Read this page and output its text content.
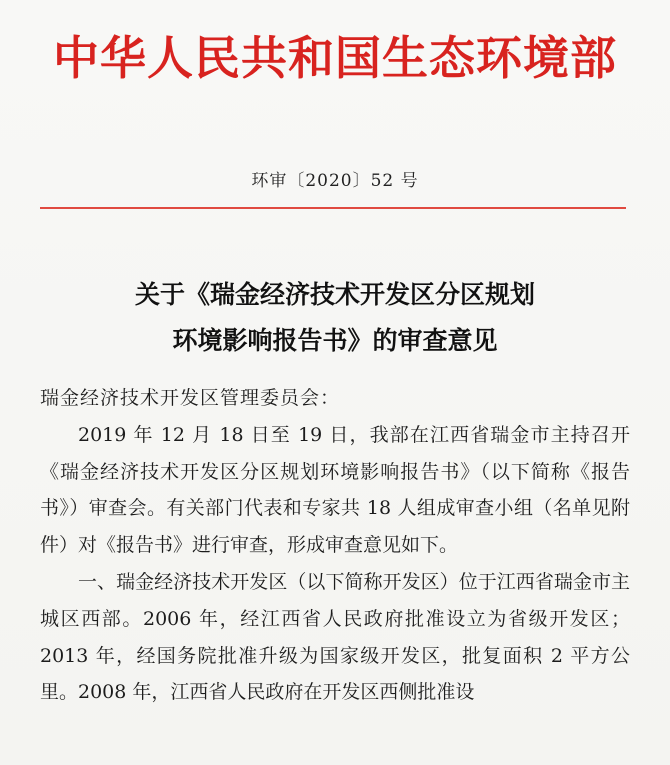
中华人民共和国生态环境部
环审〔2020〕52 号
关于《瑞金经济技术开发区分区规划
环境影响报告书》的审查意见

瑞金经济技术开发区管理委员会：

2019 年 12 月 18 日至 19 日，我部在江西省瑞金市主持召开《瑞金经济技术开发区分区规划环境影响报告书》（以下简称《报告书》）审查会。有关部门代表和专家共 18 人组成审查小组（名单见附件）对《报告书》进行审查，形成审查意见如下。

一、瑞金经济技术开发区（以下简称开发区）位于江西省瑞金市主城区西部。2006 年，经江西省人民政府批准设立为省级开发区；2013 年，经国务院批准升级为国家级开发区，批复面积 2 平方公里。2008 年，江西省人民政府在开发区西侧批准设
